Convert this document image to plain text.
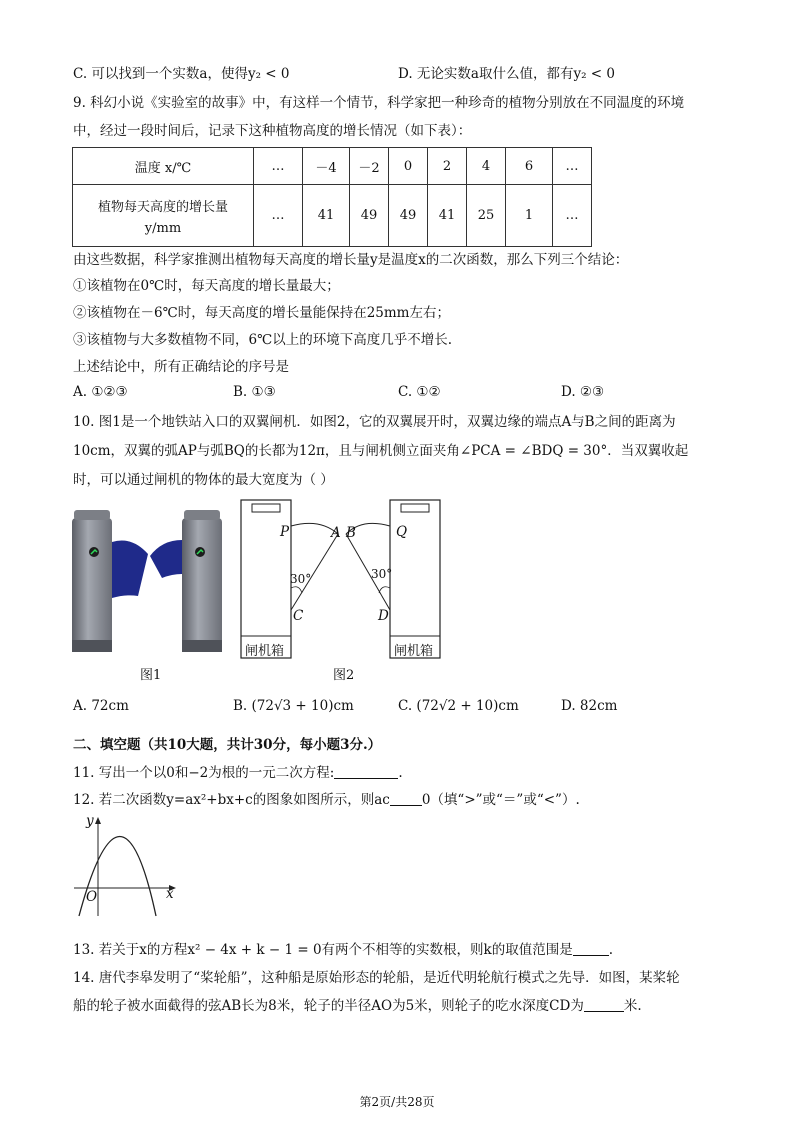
C. 可以找到一个实数a，使得y₂ < 0	D. 无论实数a取什么值，都有y₂ < 0
9. 科幻小说《实验室的故事》中，有这样一个情节，科学家把一种珍奇的植物分别放在不同温度的环境
中，经过一段时间后，记录下这种植物高度的增长情况（如下表）：
温度 x/℃	…	－4	－2	0	2	4	6	…

植物每天高度的增长量
y/mm	…	41	49	49	41	25	1	…
由这些数据，科学家推测出植物每天高度的增长量y是温度x的二次函数，那么下列三个结论：
①该植物在0℃时，每天高度的增长量最大；
②该植物在－6℃时，每天高度的增长量能保持在25mm左右；
③该植物与大多数植物不同，6℃以上的环境下高度几乎不增长.
上述结论中，所有正确结论的序号是
A. ①②③	B. ①③	C. ①②	D. ②③
10. 图1是一个地铁站入口的双翼闸机．如图2，它的双翼展开时，双翼边缘的端点A与B之间的距离为
10cm，双翼的弧AP与弧BQ的长都为12π，且与闸机侧立面夹角∠PCA = ∠BDQ = 30°．当双翼收起
时，可以通过闸机的物体的最大宽度为（ ）
图1
P	A
C
30°
B	Q
D
30°
闸机箱	闸机箱
图2
A. 72cm	B. (72√3 + 10)cm	C. (72√2 + 10)cm	D. 82cm
二、填空题（共10大题，共计30分，每小题3分.）
11. 写出一个以0和−2为根的一元二次方程:	.
12. 若二次函数y=ax²+bx+c的图象如图所示，则ac 0（填“>”或“＝”或“<”）.
y
x
O
13. 若关于x的方程x² − 4x + k − 1 = 0有两个不相等的实数根，则k的取值范围是	.
14. 唐代李皋发明了“桨轮船”，这种船是原始形态的轮船，是近代明轮航行模式之先导．如图，某桨轮
船的轮子被水面截得的弦AB长为8米，轮子的半径AO为5米，则轮子的吃水深度CD为	米.
第2页/共28页
